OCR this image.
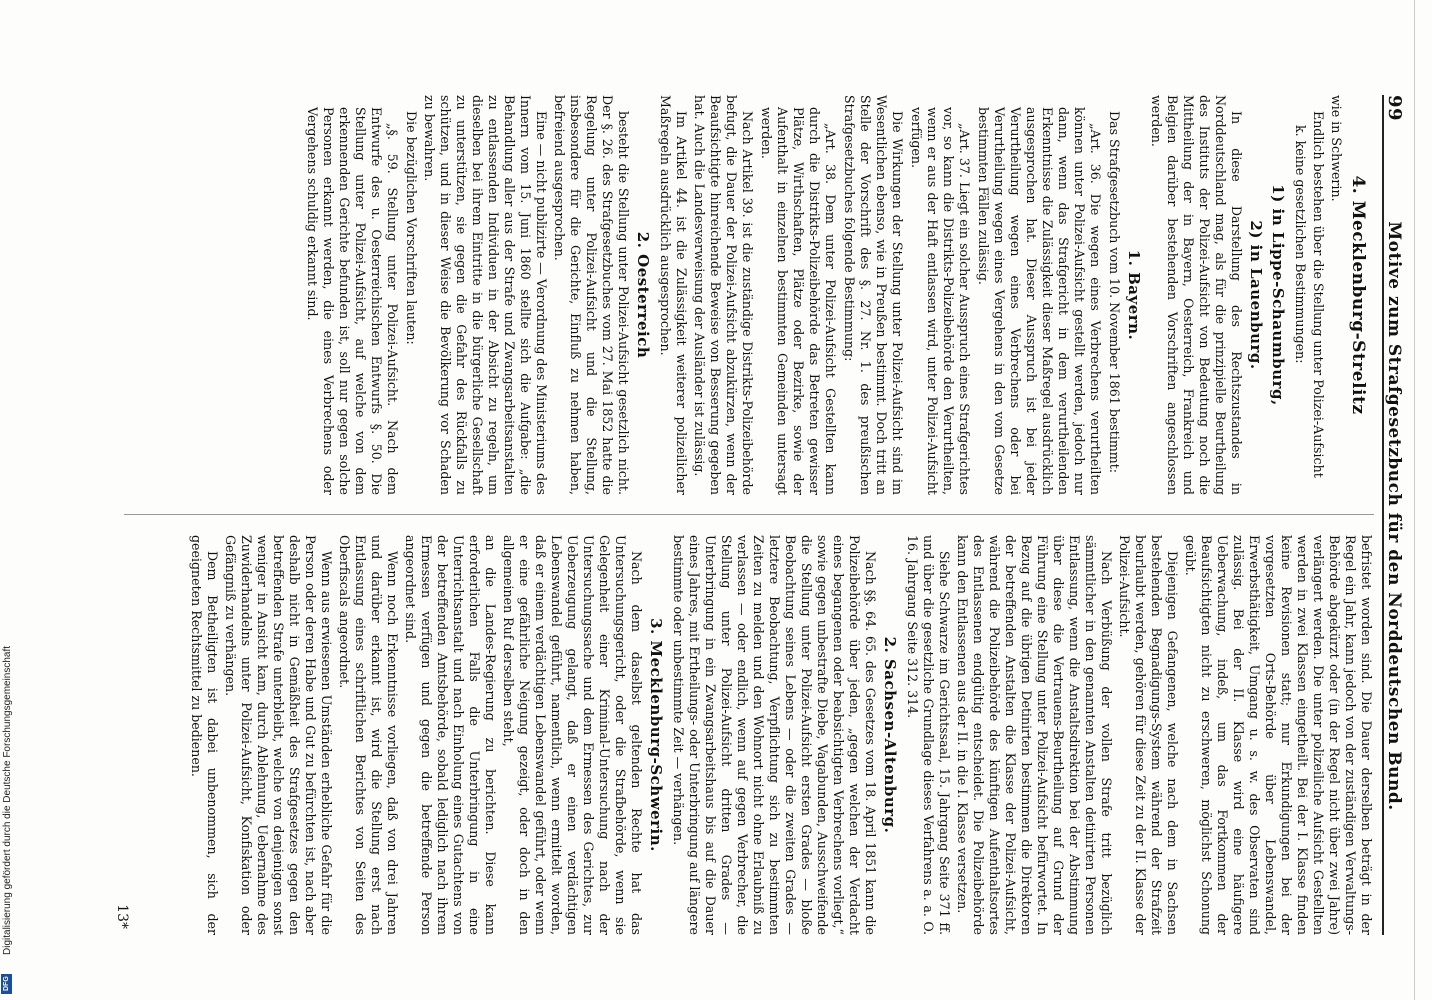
99
Motive zum Strafgesetzbuch für den Norddeutschen Bund.
4. Mecklenburg-Strelitz

wie in Schwerin.

Endlich bestehen über die Stellung unter Polizei-Aufsicht

k. keine gesetzlichen Bestimmungen:

1) in Lippe-Schaumburg,
2) in Lauenburg.

In diese Darstellung des Rechtszustandes in Norddeutschland mag, als für die prinzipielle Beurtheilung des Instituts der Polizei-Aufsicht von Bedeutung noch die Mittheilung der in Bayern, Oesterreich, Frankreich und Belgien darüber bestehenden Vorschriften angeschlossen werden.

1. Bayern.

Das Strafgesetzbuch vom 10. November 1861 bestimmt:

„Art. 36. Die wegen eines Verbrechens verurtheilten können unter Polizei-Aufsicht gestellt werden, jedoch nur dann, wenn das Strafgericht in dem verurtheilenden Erkenntnisse die Zulässigkeit dieser Maßregel ausdrücklich ausgesprochen hat. Dieser Ausspruch ist bei jeder Verurtheilung wegen eines Verbrechens oder bei Verurtheilung wegen eines Vergehens in den vom Gesetze bestimmten Fällen zulässig.

„Art. 37. Liegt ein solcher Ausspruch eines Strafgerichtes vor, so kann die Distrikts-Polizeibehörde den Verurtheilten, wenn er aus der Haft entlassen wird, unter Polizei-Aufsicht verfügen.

Die Wirkungen der Stellung unter Polizei-Aufsicht sind im Wesentlichen ebenso, wie in Preußen bestimmt. Doch tritt an Stelle der Vorschrift des §. 27. Nr. 1. des preußischen Strafgesetzbuches folgende Bestimmung:

„Art. 38. Dem unter Polizei-Aufsicht Gestellten kann durch die Distrikts-Polizeibehörde das Betreten gewisser Plätze, Wirthschaften, Plätze oder Bezirke, sowie der Aufenthalt in einzelnen bestimmten Gemeinden untersagt werden.

Nach Artikel 39. ist die zuständige Distrikts-Polizeibehörde befugt, die Dauer der Polizei-Aufsicht abzukürzen, wenn der Beaufsichtigte hinreichende Beweise von Besserung gegeben hat. Auch die Landesverweisung der Ausländer ist zulässig.

Im Artikel 44. ist die Zulässigkeit weiterer polizeilicher Maßregeln ausdrücklich ausgesprochen.

2. Oesterreich

besteht die Stellung unter Polizei-Aufsicht gesetzlich nicht. Der §. 26. des Strafgesetzbuches vom 27. Mai 1852 hatte die Regelung unter Polizei-Aufsicht und die Stellung, insbesondere für die Gerichte, Einfluß zu nehmen haben, befreiend ausgesprochen.

Eine — nicht publizirte — Verordnung des Ministeriums des Innern vom 15. Juni 1860 stellte sich die Aufgabe: „die Behandlung aller aus der Strafe und Zwangsarbeitsanstalten zu entlassenden Individuen in der Absicht zu regeln, um dieselben bei ihrem Eintritte in die bürgerliche Gesellschaft zu unterstützen, sie gegen die Gefahr des Rückfalls zu schützen, und in dieser Weise die Bevölkerung vor Schaden zu bewahren.

Die bezüglichen Vorschriften lauten:

„§. 59. Stellung unter Polizei-Aufsicht. Nach dem Entwurfe des u. Oesterreichischen Entwurfs §. 50. Die Stellung unter Polizei-Aufsicht, auf welche von dem erkennenden Gerichte befunden ist, soll nur gegen solche Personen erkannt werden, die eines Verbrechens oder Vergehens schuldig erkannt sind.

befristet worden sind. Die Dauer derselben beträgt in der Regel ein Jahr, kann jedoch von der zuständigen Verwaltungs-Behörde abgekürzt oder (in der Regel nicht über zwei Jahre) verlängert werden. Die unter polizeiliche Aufsicht Gestellten werden in zwei Klassen eingetheilt. Bei der I. Klasse finden keine Revisionen statt; nur Erkundigungen bei der vorgesetzten Orts-Behörde über Lebenswandel, Erwerbsthätigkeit, Umgang u. s. w. des Observaten sind zulässig. Bei der II. Klasse wird eine häufigere Ueberwachung, indeß, um das Fortkommen der Beaufsichtigten nicht zu erschweren, möglichst Schonung geübt.

Diejenigen Gefangenen, welche nach dem in Sachsen bestehenden Begnadigungs-System während der Strafzeit beurlaubt werden, gehören für diese Zeit zu der II. Klasse der Polizei-Aufsicht.

Nach Verbüßung der vollen Strafe tritt bezüglich sämmtlicher in den genannten Anstalten detinirten Personen Entlassung, wenn die Anstaltsdirektion bei der Abstimmung über diese die Vertrauens-Beurtheilung auf Grund der Führung eine Stellung unter Polizei-Aufsicht befürwortet. In Bezug auf die übrigen Detinirten bestimmen die Direktoren der betreffenden Anstalten die Klasse der Polizei-Aufsicht, während die Polizeibehörde des künftigen Aufenthaltsortes des Entlassenen endgültig entscheidet. Die Polizeibehörde kann den Entlassenen aus der II. in die I. Klasse versetzen.

Siehe Schwarze im Gerichtssaal, 15. Jahrgang Seite 371 ff. und über die gesetzliche Grundlage dieses Verfahrens a. a. O. 16. Jahrgang Seite 312. 314.

2. Sachsen-Altenburg.

Nach §§. 64. 65. des Gesetzes vom 18. April 1851 kann die Polizeibehörde über jeden, „gegen welchen der Verdacht eines begangenen oder beabsichtigten Verbrechens vorliegt,“ sowie gegen unbestrafte Diebe, Vagabunden, Ausschweifende die Stellung unter Polizei-Aufsicht ersten Grades — bloße Beobachtung seines Lebens — oder die zweiten Grades — letztere Beobachtung, Verpflichtung sich zu bestimmten Zeiten zu melden und den Wohnort nicht ohne Erlaubniß zu verlassen — oder endlich, wenn auf gegen Verbrecher, die Stellung unter Polizei-Aufsicht dritten Grades — Unterbringung in ein Zwangsarbeitshaus bis auf die Dauer eines Jahres, mit Ertheilungs- oder Unterbringung auf längere bestimmte oder unbestimmte Zeit — verhängen.

3. Mecklenburg-Schwerin.

Nach dem daselbst geltenden Rechte hat das Untersuchungsgericht, oder die Strafbehörde, wenn sie Gelegenheit einer Kriminal-Untersuchung nach der Untersuchungssache und dem Ermessen des Gerichtes, zur Ueberzeugung gelangt, daß er einen verdächtigen Lebenswandel geführt, namentlich, wenn ermittelt worden, daß er einem verdächtigen Lebenswandel geführt, oder wenn er eine gefährliche Neigung gezeigt, oder doch in den allgemeinen Ruf derselben steht,

an die Landes-Regierung zu berichten. Diese kann erforderlichen Falls die Unterbringung in eine Unterrichtsanstalt und nach Einholung eines Gutachtens von der betreffenden Amtsbehörde, sobald lediglich nach ihrem Ermessen verfügen und gegen die betreffende Person angeordnet sind.

Wenn noch Erkenntnisse vorliegen, daß von drei Jahren und darüber erkannt ist, wird die Stellung erst nach Entlassung eines schriftlichen Berichtes von Seiten des Oberfiscals angeordnet.

Wenn aus erwiesenen Umständen erhebliche Gefahr für die Person oder deren Habe und Gut zu befürchten ist, nach aber deshalb nicht in Gemäßheit des Strafgesetzes gegen den betreffenden Strafe unterbleibt, welche von denjenigen sonst weniger in Ansicht kam, durch Ablehnung, Uebernahme des Zuwiderhandelns unter Polizei-Aufsicht, Konfiskation oder Gefängniß zu verhängen.

Dem Betheiligten ist dabei unbenommen, sich der geeigneten Rechtsmittel zu bedienen.

13*
DFG
Digitalisierung gefördert durch die Deutsche Forschungsgemeinschaft
